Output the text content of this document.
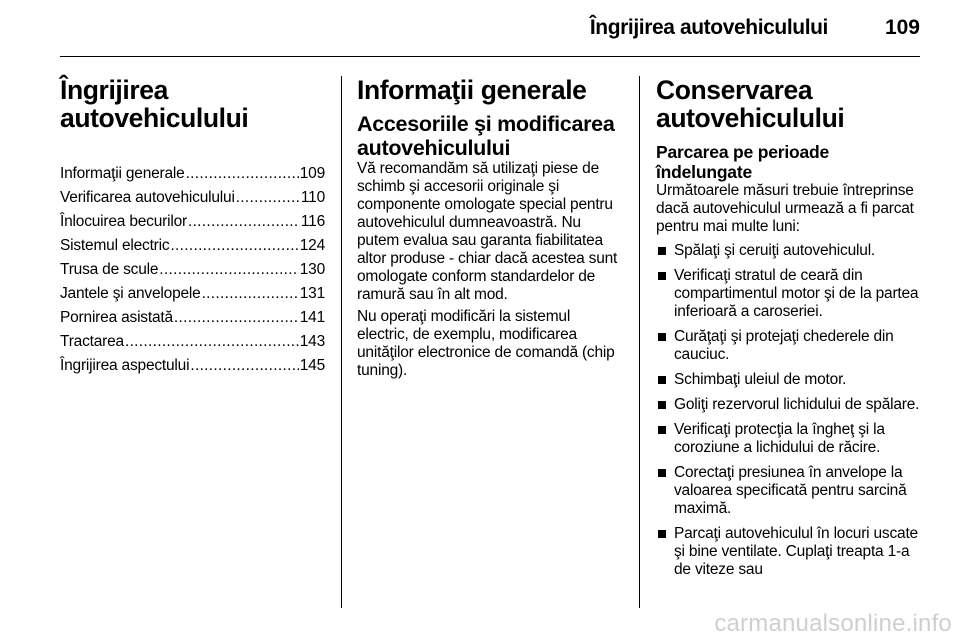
Îngrijirea autovehiculului	109
Îngrijirea autovehiculului
Informaţii generale .....	109
Verificarea autovehiculului .....	110
Înlocuirea becurilor .....	116
Sistemul electric .....	124
Trusa de scule .....	130
Jantele şi anvelopele .....	131
Pornirea asistată .....	141
Tractarea .....	143
Îngrijirea aspectului .....	145
Informaţii generale
Accesoriile şi modificarea autovehiculului

Vă recomandăm să utilizaţi piese de schimb şi accesorii originale şi componente omologate special pentru autovehiculul dumneavoastră. Nu putem evalua sau garanta fiabilitatea altor produse - chiar dacă acestea sunt omologate conform standardelor de ramură sau în alt mod.

Nu operaţi modificări la sistemul electric, de exemplu, modificarea unităţilor electronice de comandă (chip tuning).

Conservarea autovehiculului
Parcarea pe perioade îndelungate

Următoarele măsuri trebuie întreprinse dacă autovehiculul urmează a fi parcat pentru mai multe luni:

Spălaţi şi ceruiţi autovehiculul.
Verificaţi stratul de ceară din compartimentul motor şi de la partea inferioară a caroseriei.
Curăţaţi şi protejaţi chederele din cauciuc.
Schimbaţi uleiul de motor.
Goliţi rezervorul lichidului de spălare.
Verificaţi protecţia la îngheţ şi la coroziune a lichidului de răcire.
Corectaţi presiunea în anvelope la valoarea specificată pentru sarcină maximă.
Parcaţi autovehiculul în locuri uscate şi bine ventilate. Cuplaţi treapta 1-a de viteze sau
carmanualsonline.info
